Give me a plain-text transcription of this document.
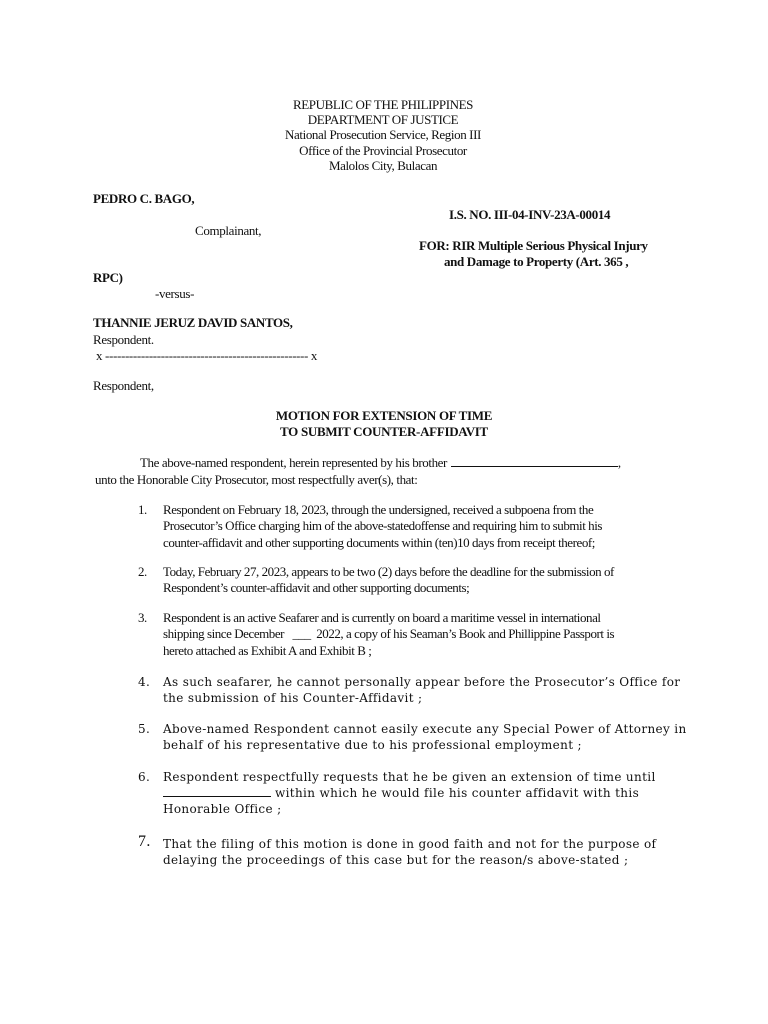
REPUBLIC OF THE PHILIPPINES
DEPARTMENT OF JUSTICE
National Prosecution Service, Region III
Office of the Provincial Prosecutor
Malolos City, Bulacan
PEDRO C. BAGO,
I.S. NO. III-04-INV-23A-00014
Complainant,
FOR: RIR Multiple Serious Physical Injury
and Damage to Property (Art. 365 ,
RPC)
-versus-
THANNIE JERUZ DAVID SANTOS,
Respondent.
x --------------------------------------------------- x
Respondent,
MOTION FOR EXTENSION OF TIME
TO SUBMIT COUNTER-AFFIDAVIT
The above-named respondent, herein represented by his brother	,
unto the Honorable City Prosecutor, most respectfully aver(s), that:
1.	Respondent on February 18, 2023, through the undersigned, received a subpoena from the
Prosecutor’s Office charging him of the above-statedoffense and requiring him to submit his
counter-affidavit and other supporting documents within (ten)10 days from receipt thereof;
2.	Today, February 27, 2023, appears to be two (2) days before the deadline for the submission of
Respondent’s counter-affidavit and other supporting documents;
3.	Respondent is an active Seafarer and is currently on board a maritime vessel in international
shipping since December ___ 2022, a copy of his Seaman’s Book and Phillippine Passport is
hereto attached as Exhibit A and Exhibit B ;
4.	As such seafarer, he cannot personally appear before the Prosecutor’s Office for
the submission of his Counter-Affidavit ;
5.	Above-named Respondent cannot easily execute any Special Power of Attorney in
behalf of his representative due to his professional employment ;
6.	Respondent respectfully requests that he be given an extension of time until
within which he would file his counter affidavit with this
Honorable Office ;
7.	That the filing of this motion is done in good faith and not for the purpose of
delaying the proceedings of this case but for the reason/s above-stated ;
